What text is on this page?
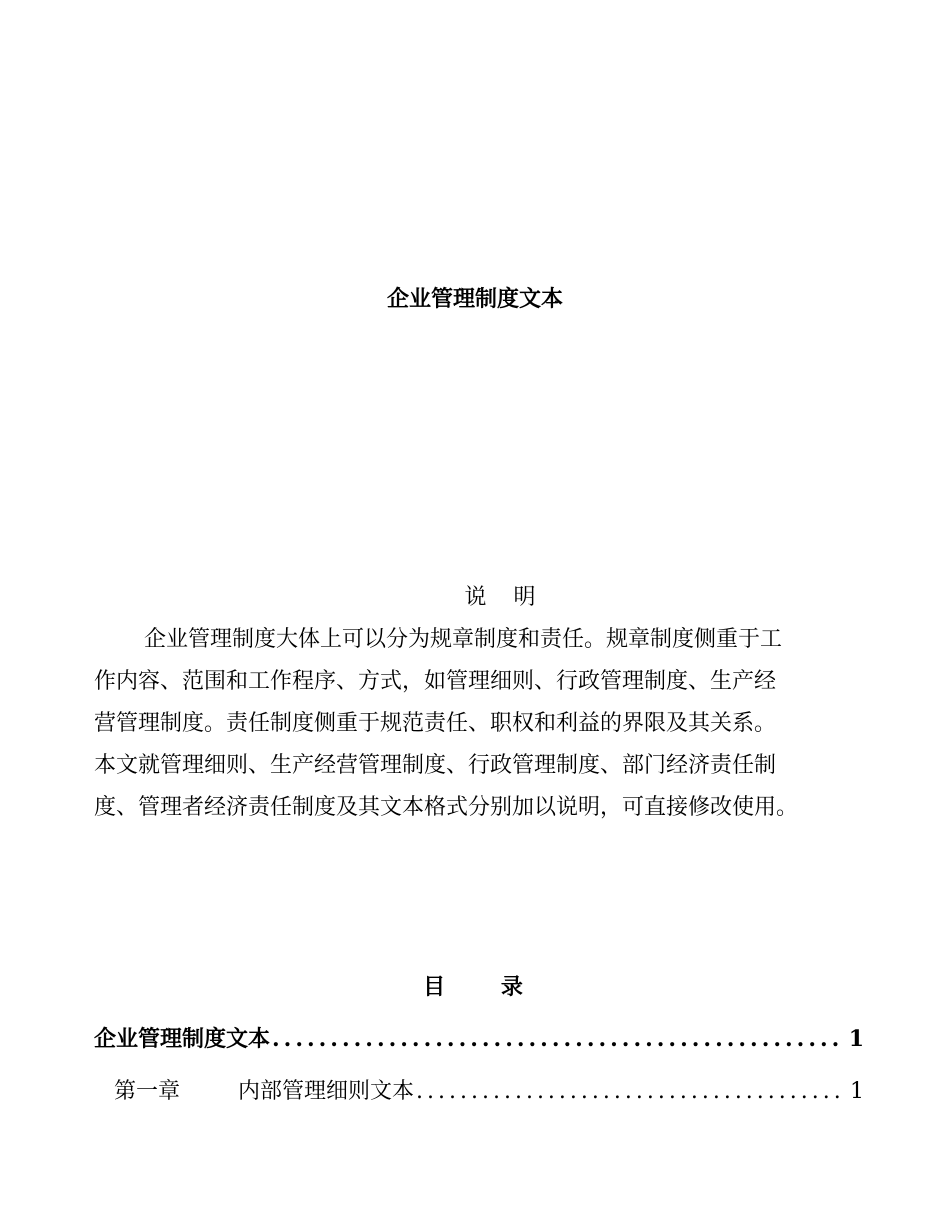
企业管理制度文本
说 明
企业管理制度大体上可以分为规章制度和责任。规章制度侧重于工
作内容、范围和工作程序、方式，如管理细则、行政管理制度、生产经
营管理制度。责任制度侧重于规范责任、职权和利益的界限及其关系。
本文就管理细则、生产经营管理制度、行政管理制度、部门经济责任制
度、管理者经济责任制度及其文本格式分别加以说明，可直接修改使用。
目 录
企业管理制度文本 .....	1
第一章	内部管理细则文本 .....	1
